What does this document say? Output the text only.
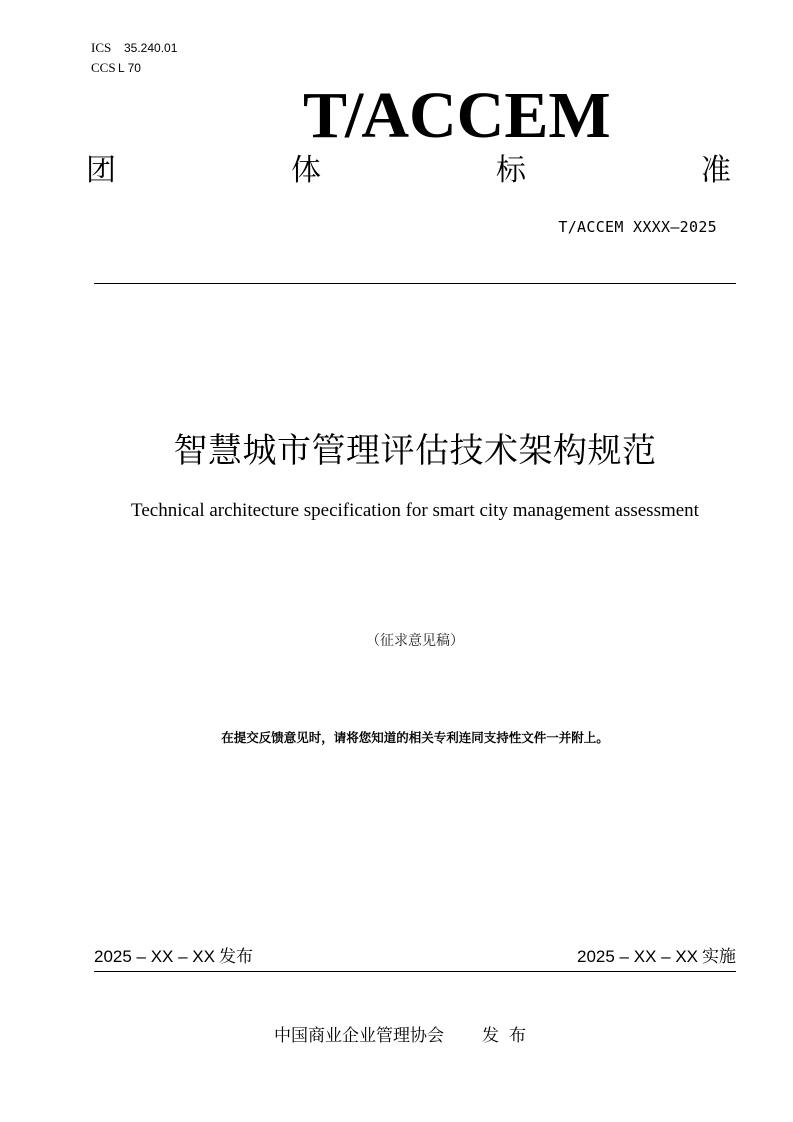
ICS	35.240.01
CCS L 70
T/ACCEM
团	体	标	准
T/ACCEM XXXX—2025
智慧城市管理评估技术架构规范
Technical architecture specification for smart city management assessment
（征求意见稿）
在提交反馈意见时，请将您知道的相关专利连同支持性文件一并附上。
2025 – XX – XX 发布	2025 – XX – XX 实施
中国商业企业管理协会 发布
